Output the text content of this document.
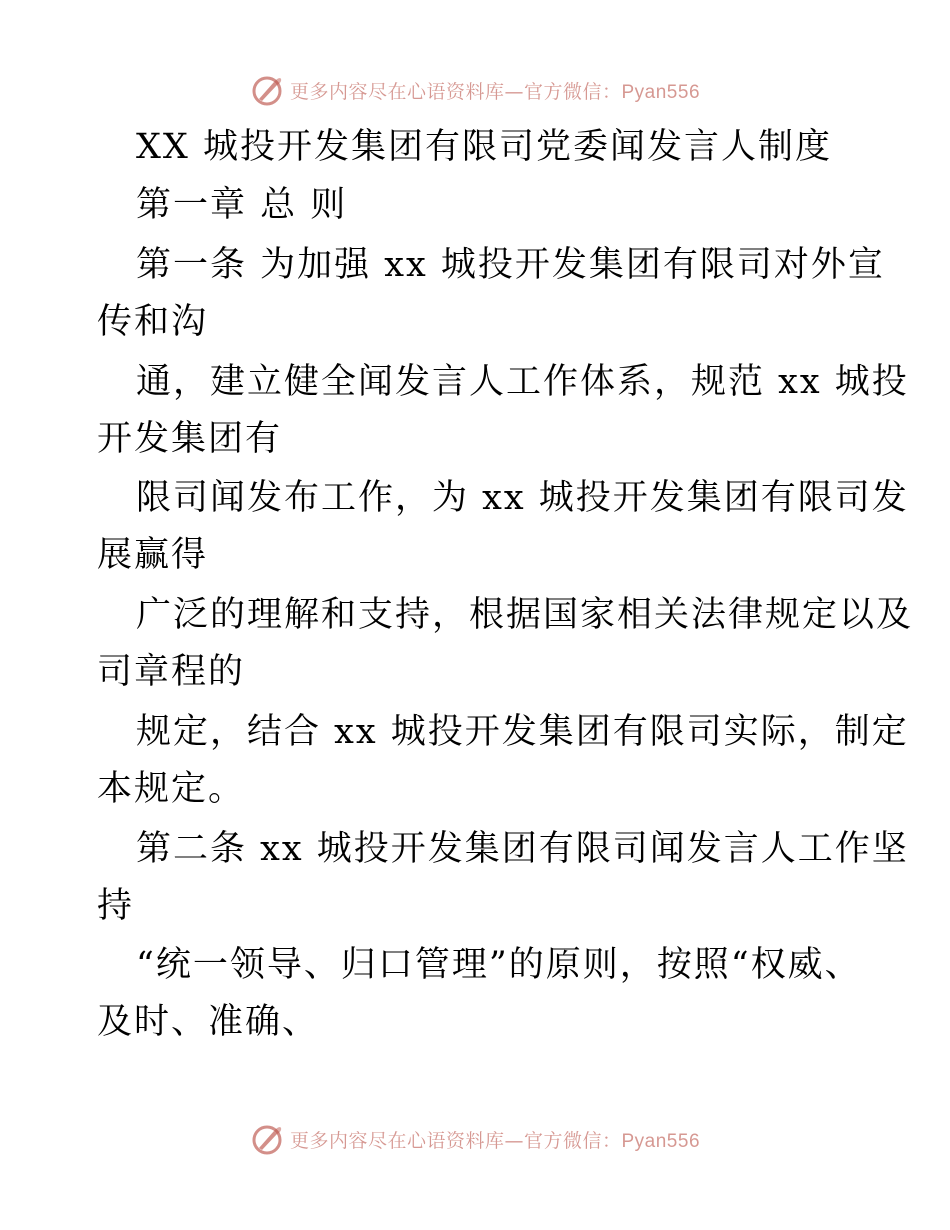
更多内容尽在心语资料库—官方微信：Pyan556
XX 城投开发集团有限司党委闻发言人制度
第一章 总 则
第一条 为加强 xx 城投开发集团有限司对外宣
传和沟
通，建立健全闻发言人工作体系，规范 xx 城投
开发集团有
限司闻发布工作，为 xx 城投开发集团有限司发
展赢得
广泛的理解和支持，根据国家相关法律规定以及
司章程的
规定，结合 xx 城投开发集团有限司实际，制定
本规定。
第二条 xx 城投开发集团有限司闻发言人工作坚
持
“统一领导、归口管理”的原则，按照“权威、
及时、准确、
更多内容尽在心语资料库—官方微信：Pyan556
